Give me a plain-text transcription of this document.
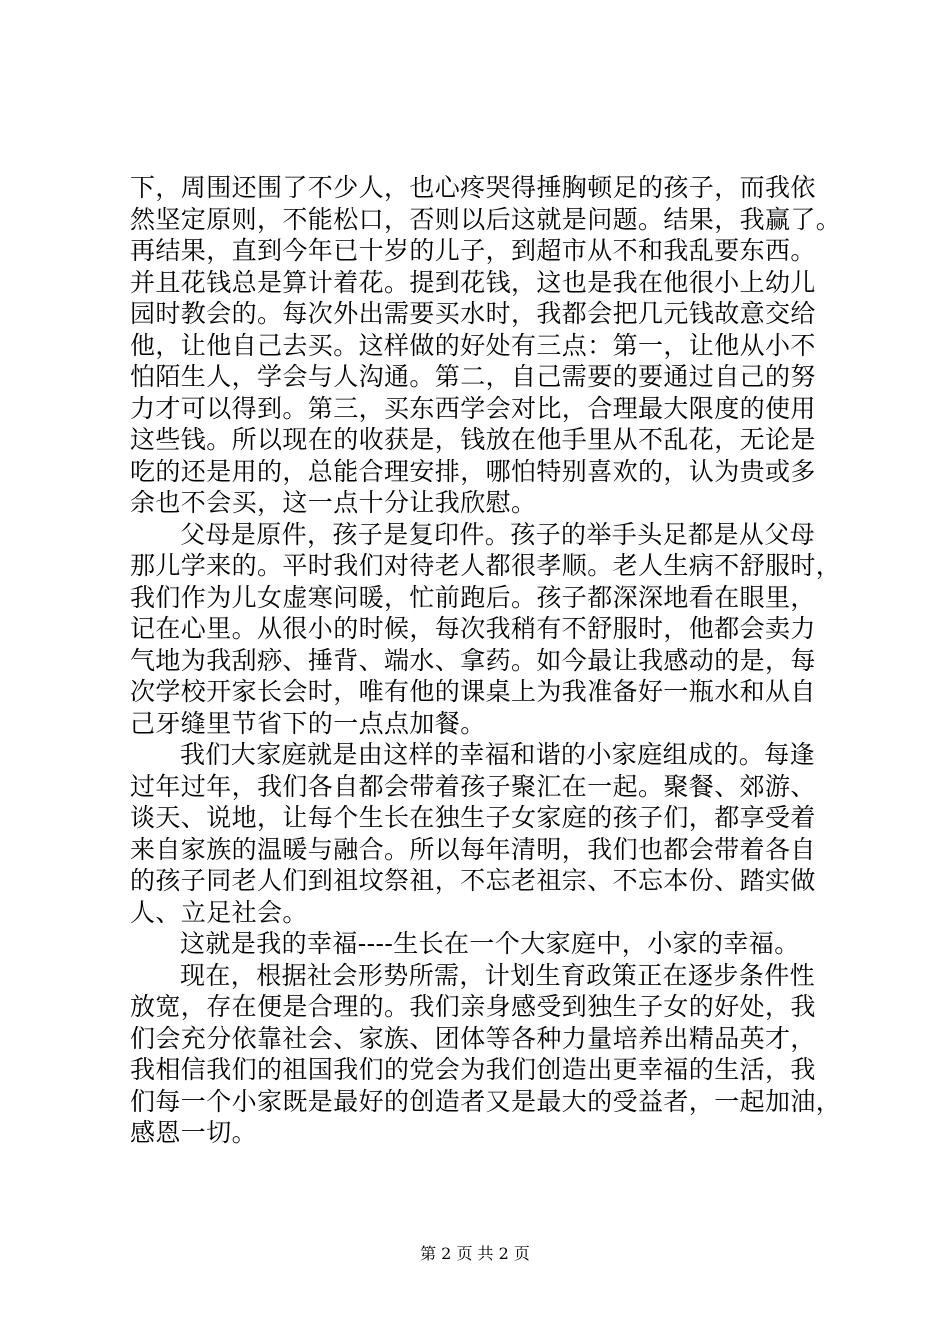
下，周围还围了不少人，也心疼哭得捶胸顿足的孩子，而我依
然坚定原则，不能松口，否则以后这就是问题。结果，我赢了。
再结果，直到今年已十岁的儿子，到超市从不和我乱要东西。
并且花钱总是算计着花。提到花钱，这也是我在他很小上幼儿
园时教会的。每次外出需要买水时，我都会把几元钱故意交给
他，让他自己去买。这样做的好处有三点：第一，让他从小不
怕陌生人，学会与人沟通。第二，自己需要的要通过自己的努
力才可以得到。第三，买东西学会对比，合理最大限度的使用
这些钱。所以现在的收获是，钱放在他手里从不乱花，无论是
吃的还是用的，总能合理安排，哪怕特别喜欢的，认为贵或多
余也不会买，这一点十分让我欣慰。
父母是原件，孩子是复印件。孩子的举手头足都是从父母
那儿学来的。平时我们对待老人都很孝顺。老人生病不舒服时，
我们作为儿女虚寒问暖，忙前跑后。孩子都深深地看在眼里，
记在心里。从很小的时候，每次我稍有不舒服时，他都会卖力
气地为我刮痧、捶背、端水、拿药。如今最让我感动的是，每
次学校开家长会时，唯有他的课桌上为我准备好一瓶水和从自
己牙缝里节省下的一点点加餐。
我们大家庭就是由这样的幸福和谐的小家庭组成的。每逢
过年过年，我们各自都会带着孩子聚汇在一起。聚餐、郊游、
谈天、说地，让每个生长在独生子女家庭的孩子们，都享受着
来自家族的温暖与融合。所以每年清明，我们也都会带着各自
的孩子同老人们到祖坟祭祖，不忘老祖宗、不忘本份、踏实做
人、立足社会。
这就是我的幸福----生长在一个大家庭中，小家的幸福。
现在，根据社会形势所需，计划生育政策正在逐步条件性
放宽，存在便是合理的。我们亲身感受到独生子女的好处，我
们会充分依靠社会、家族、团体等各种力量培养出精品英才，
我相信我们的祖国我们的党会为我们创造出更幸福的生活，我
们每一个小家既是最好的创造者又是最大的受益者，一起加油，
感恩一切。
第 2 页 共 2 页
